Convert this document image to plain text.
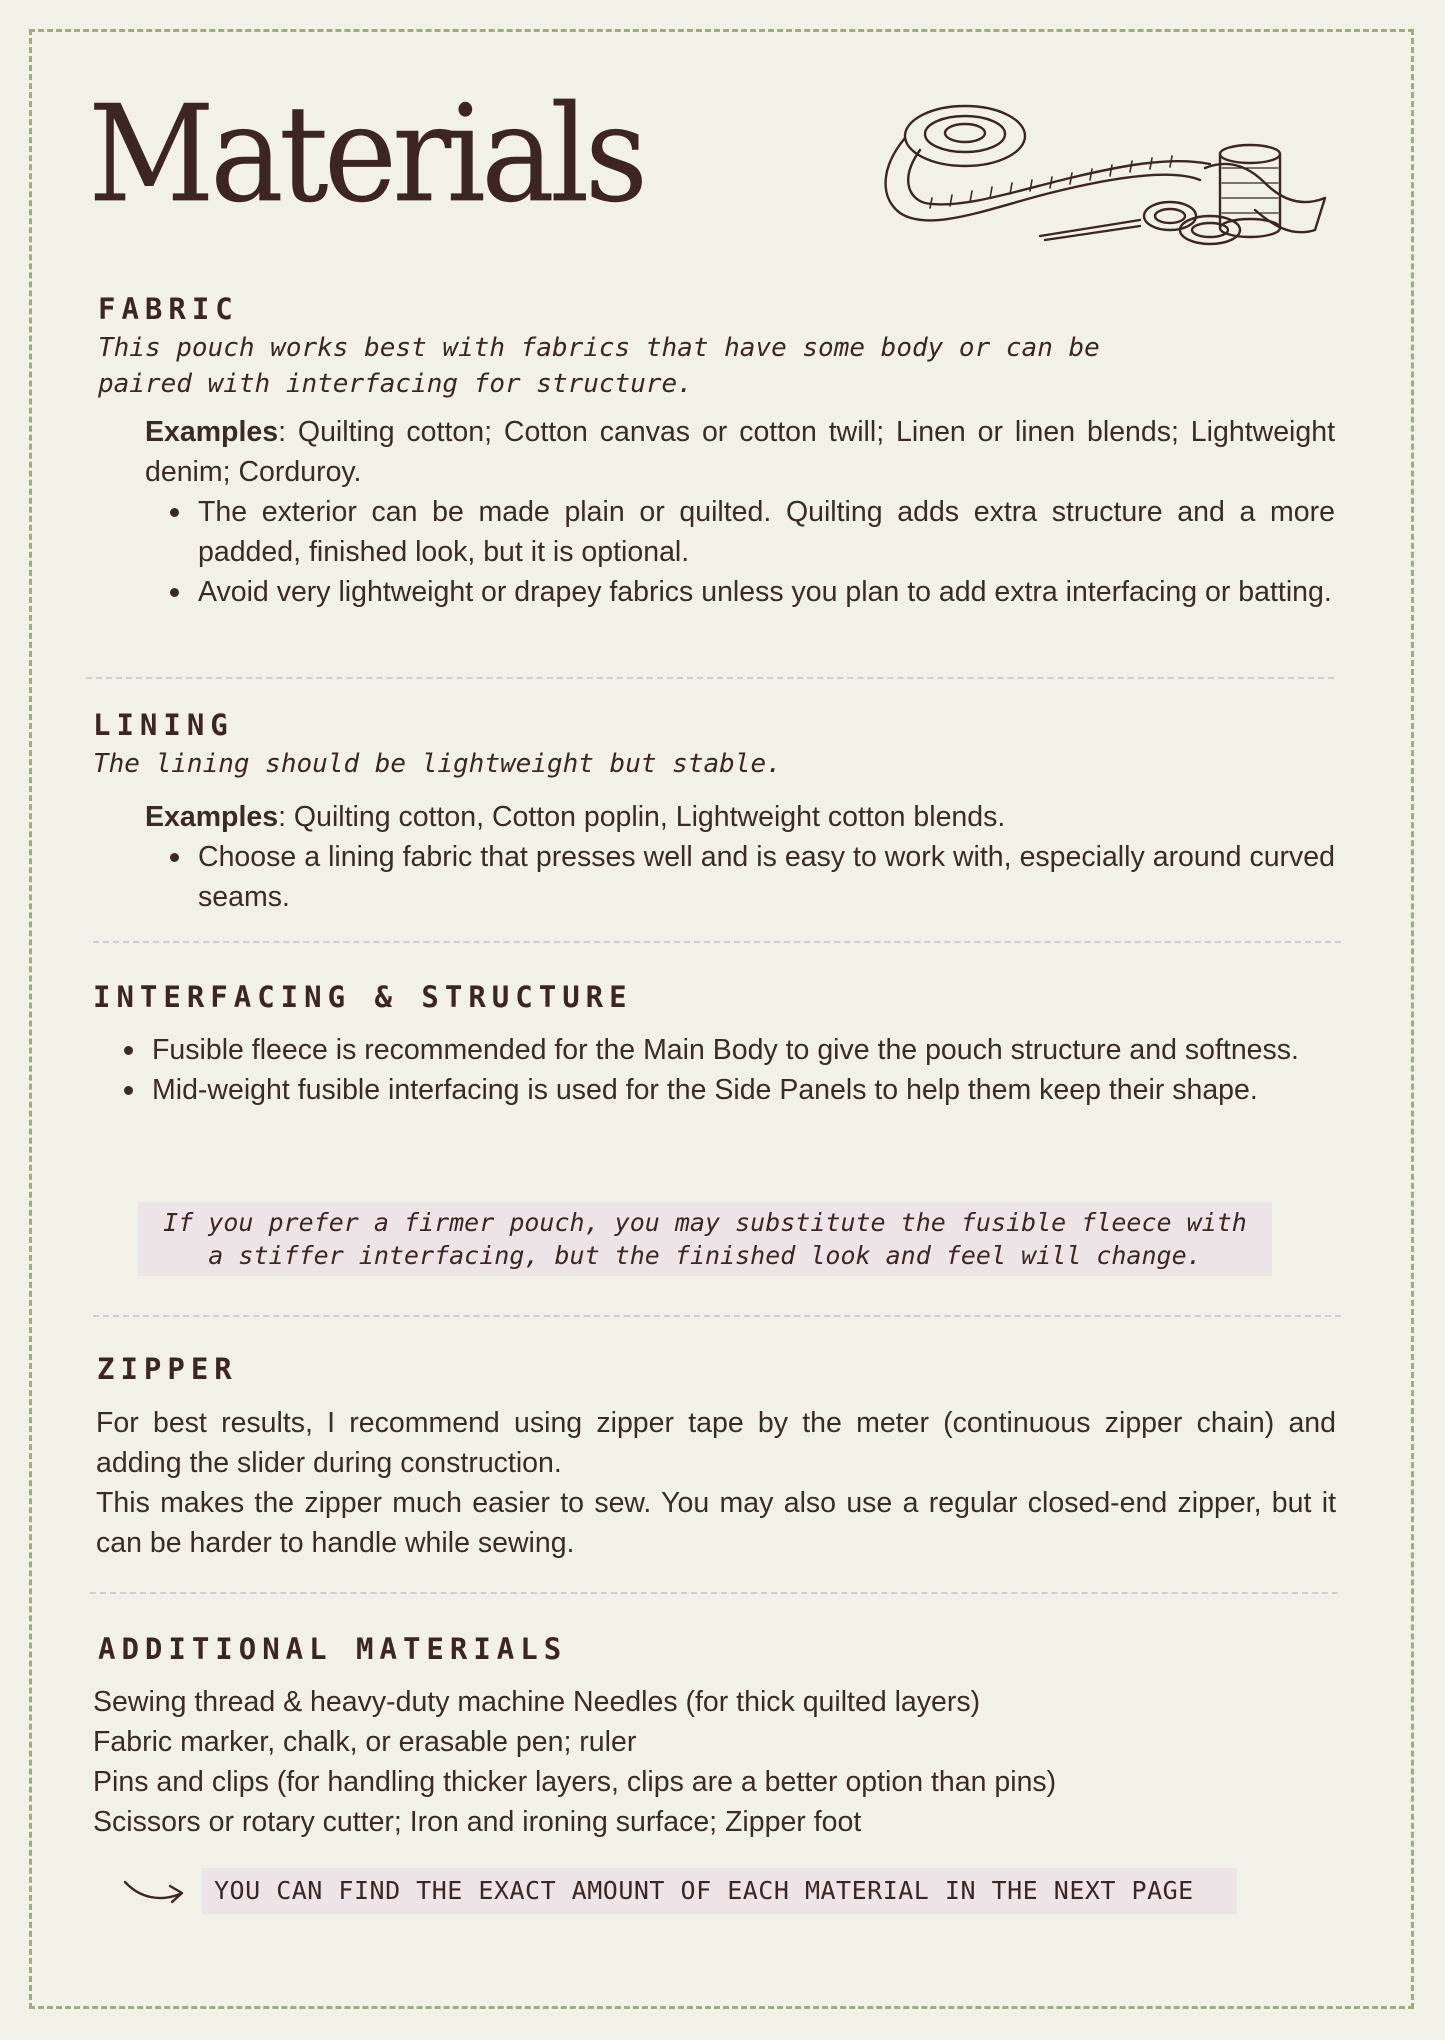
Materials
FABRIC

This pouch works best with fabrics that have some body or can be
paired with interfacing for structure.

Examples: Quilting cotton; Cotton canvas or cotton twill; Linen or linen blends; Lightweight denim; Corduroy.
The exterior can be made plain or quilted. Quilting adds extra structure and a more padded, finished look, but it is optional.
Avoid very lightweight or drapey fabrics unless you plan to add extra interfacing or batting.
LINING

The lining should be lightweight but stable.

Examples: Quilting cotton, Cotton poplin, Lightweight cotton blends.
Choose a lining fabric that presses well and is easy to work with, especially around curved seams.
INTERFACING & STRUCTURE
Fusible fleece is recommended for the Main Body to give the pouch structure and softness.
Mid-weight fusible interfacing is used for the Side Panels to help them keep their shape.

If you prefer a firmer pouch, you may substitute the fusible fleece with
a stiffer interfacing, but the finished look and feel will change.

ZIPPER
For best results, I recommend using zipper tape by the meter (continuous zipper chain) and adding the slider during construction.
This makes the zipper much easier to sew. You may also use a regular closed-end zipper, but it can be harder to handle while sewing.
ADDITIONAL MATERIALS
Sewing thread & heavy-duty machine Needles (for thick quilted layers)
Fabric marker, chalk, or erasable pen; ruler
Pins and clips (for handling thicker layers, clips are a better option than pins)
Scissors or rotary cutter; Iron and ironing surface; Zipper foot
YOU CAN FIND THE EXACT AMOUNT OF EACH MATERIAL IN THE NEXT PAGE
